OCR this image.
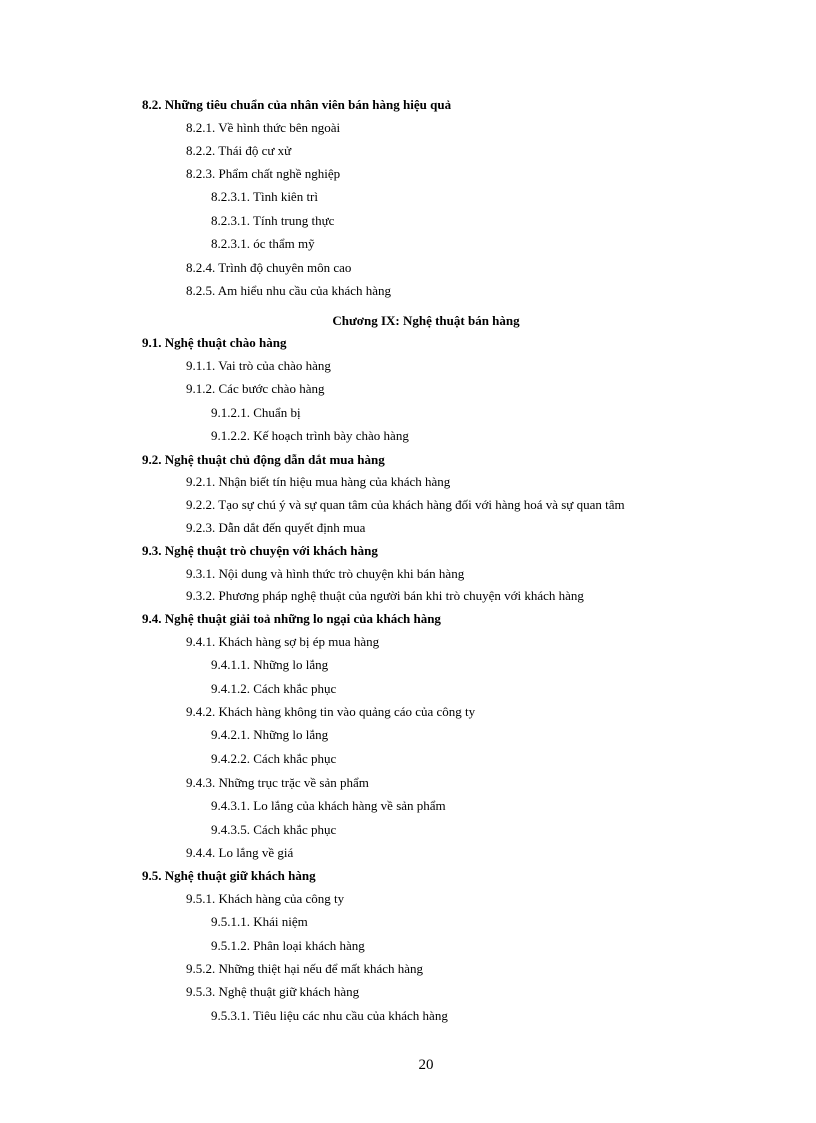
8.2. Những tiêu chuẩn của nhân viên bán hàng hiệu quả
8.2.1. Về hình thức bên ngoài
8.2.2. Thái độ cư xử
8.2.3. Phẩm chất nghề nghiệp
8.2.3.1. Tình kiên trì
8.2.3.1. Tính trung thực
8.2.3.1. óc thẩm mỹ
8.2.4. Trình độ chuyên môn cao
8.2.5. Am hiểu nhu cầu của khách hàng
Chương IX: Nghệ thuật bán hàng
9.1. Nghệ thuật chào hàng
9.1.1. Vai trò của chào hàng
9.1.2. Các bước chào hàng
9.1.2.1. Chuẩn bị
9.1.2.2. Kế hoạch trình bày chào hàng
9.2. Nghệ thuật chủ động dẫn dắt mua hàng
9.2.1. Nhận biết tín hiệu mua hàng của khách hàng
9.2.2. Tạo sự chú ý và sự quan tâm của khách hàng đối với hàng hoá và sự quan tâm
9.2.3. Dẫn dắt đến quyết định mua
9.3. Nghệ thuật trò chuyện với khách hàng
9.3.1. Nội dung và hình thức trò chuyện khi bán hàng
9.3.2. Phương pháp nghệ thuật của người bán khi trò chuyện với khách hàng
9.4. Nghệ thuật giải toả những lo ngại của khách hàng
9.4.1. Khách hàng sợ bị ép mua hàng
9.4.1.1. Những lo lắng
9.4.1.2. Cách khắc phục
9.4.2. Khách hàng không tin vào quảng cáo của công ty
9.4.2.1. Những lo lắng
9.4.2.2. Cách khắc phục
9.4.3. Những trục trặc về sản phẩm
9.4.3.1. Lo lắng của khách hàng về sản phẩm
9.4.3.5. Cách khắc phục
9.4.4. Lo lắng về giá
9.5. Nghệ thuật giữ khách hàng
9.5.1. Khách hàng của công ty
9.5.1.1. Khái niệm
9.5.1.2. Phân loại khách hàng
9.5.2. Những thiệt hại nếu để mất khách hàng
9.5.3. Nghệ thuật giữ khách hàng
9.5.3.1. Tiêu liệu các nhu cầu của khách hàng
20
